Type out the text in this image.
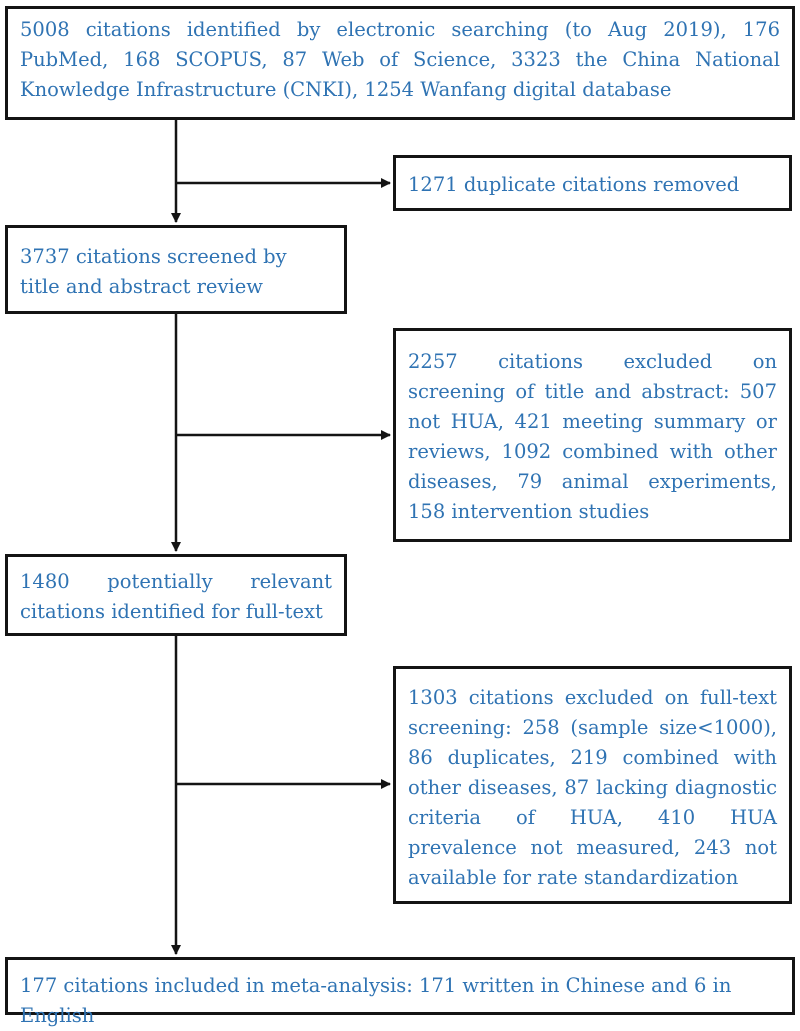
5008 citations identified by electronic searching (to Aug 2019), 176 PubMed, 168 SCOPUS, 87 Web of Science, 3323 the China National Knowledge Infrastructure (CNKI), 1254 Wanfang digital database
1271 duplicate citations removed
3737 citations screened by title and abstract review
2257 citations excluded on screening of title and abstract: 507 not HUA, 421 meeting summary or reviews, 1092 combined with other diseases, 79 animal experiments, 158 intervention studies
1480 potentially relevant citations identified for full-text
1303 citations excluded on full-text screening: 258 (sample size<1000), 86 duplicates, 219 combined with other diseases, 87 lacking diagnostic criteria of HUA, 410 HUA prevalence not measured, 243 not available for rate standardization
177 citations included in meta-analysis: 171 written in Chinese and 6 in English
